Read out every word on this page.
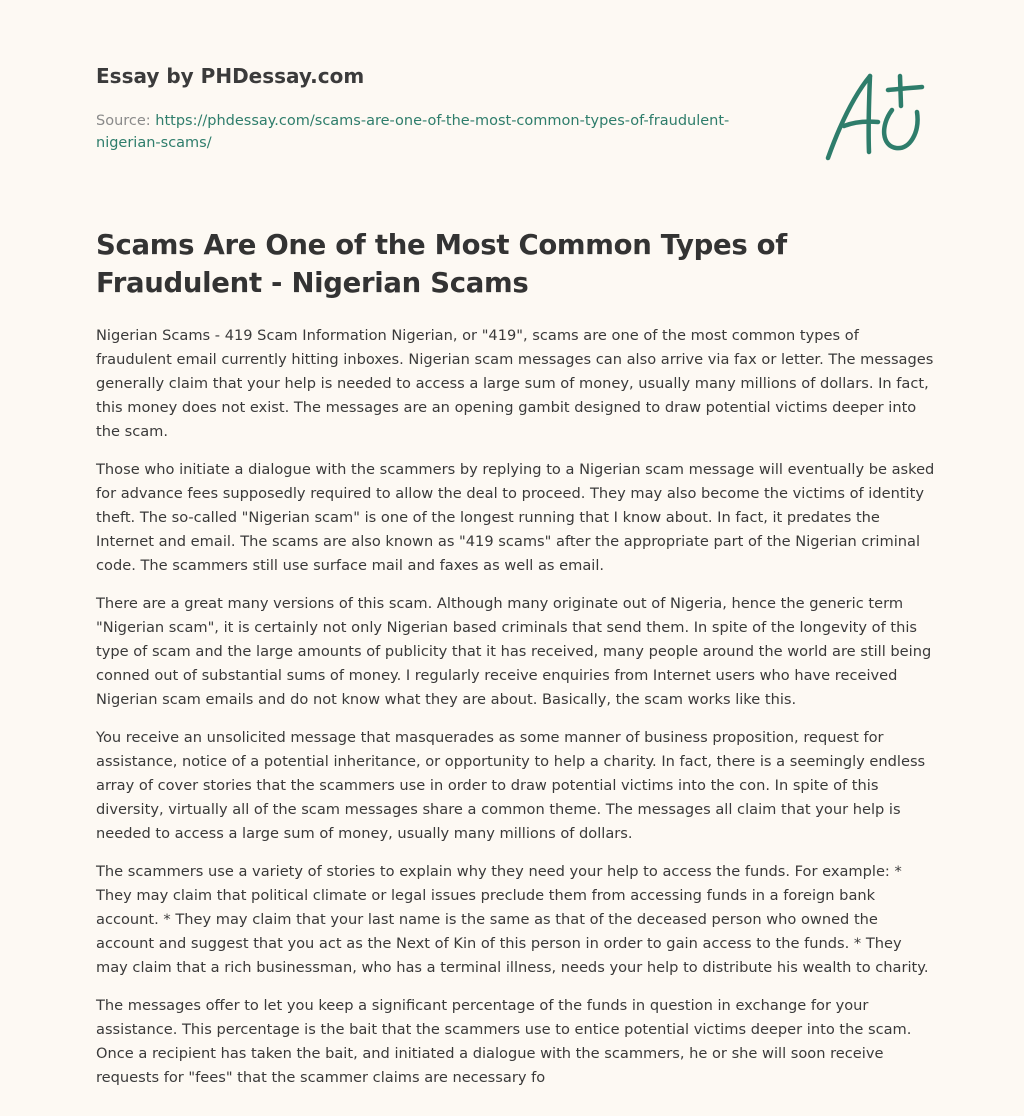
Essay by PHDessay.com
Source: https://phdessay.com/scams-are-one-of-the-most-common-types-of-fraudulent-nigerian-scams/
Scams Are One of the Most Common Types of Fraudulent - Nigerian Scams

Nigerian Scams - 419 Scam Information Nigerian, or "419", scams are one of the most common types of fraudulent email currently hitting inboxes. Nigerian scam messages can also arrive via fax or letter. The messages generally claim that your help is needed to access a large sum of money, usually many millions of dollars. In fact, this money does not exist. The messages are an opening gambit designed to draw potential victims deeper into the scam.

Those who initiate a dialogue with the scammers by replying to a Nigerian scam message will eventually be asked for advance fees supposedly required to allow the deal to proceed. They may also become the victims of identity theft. The so-called "Nigerian scam" is one of the longest running that I know about. In fact, it predates the Internet and email. The scams are also known as "419 scams" after the appropriate part of the Nigerian criminal code. The scammers still use surface mail and faxes as well as email.

There are a great many versions of this scam. Although many originate out of Nigeria, hence the generic term "Nigerian scam", it is certainly not only Nigerian based criminals that send them. In spite of the longevity of this type of scam and the large amounts of publicity that it has received, many people around the world are still being conned out of substantial sums of money. I regularly receive enquiries from Internet users who have received Nigerian scam emails and do not know what they are about. Basically, the scam works like this.

You receive an unsolicited message that masquerades as some manner of business proposition, request for assistance, notice of a potential inheritance, or opportunity to help a charity. In fact, there is a seemingly endless array of cover stories that the scammers use in order to draw potential victims into the con. In spite of this diversity, virtually all of the scam messages share a common theme. The messages all claim that your help is needed to access a large sum of money, usually many millions of dollars.

The scammers use a variety of stories to explain why they need your help to access the funds. For example: * They may claim that political climate or legal issues preclude them from accessing funds in a foreign bank account. * They may claim that your last name is the same as that of the deceased person who owned the account and suggest that you act as the Next of Kin of this person in order to gain access to the funds. * They may claim that a rich businessman, who has a terminal illness, needs your help to distribute his wealth to charity.

The messages offer to let you keep a significant percentage of the funds in question in exchange for your assistance. This percentage is the bait that the scammers use to entice potential victims deeper into the scam. Once a recipient has taken the bait, and initiated a dialogue with the scammers, he or she will soon receive requests for "fees" that the scammer claims are necessary fo
